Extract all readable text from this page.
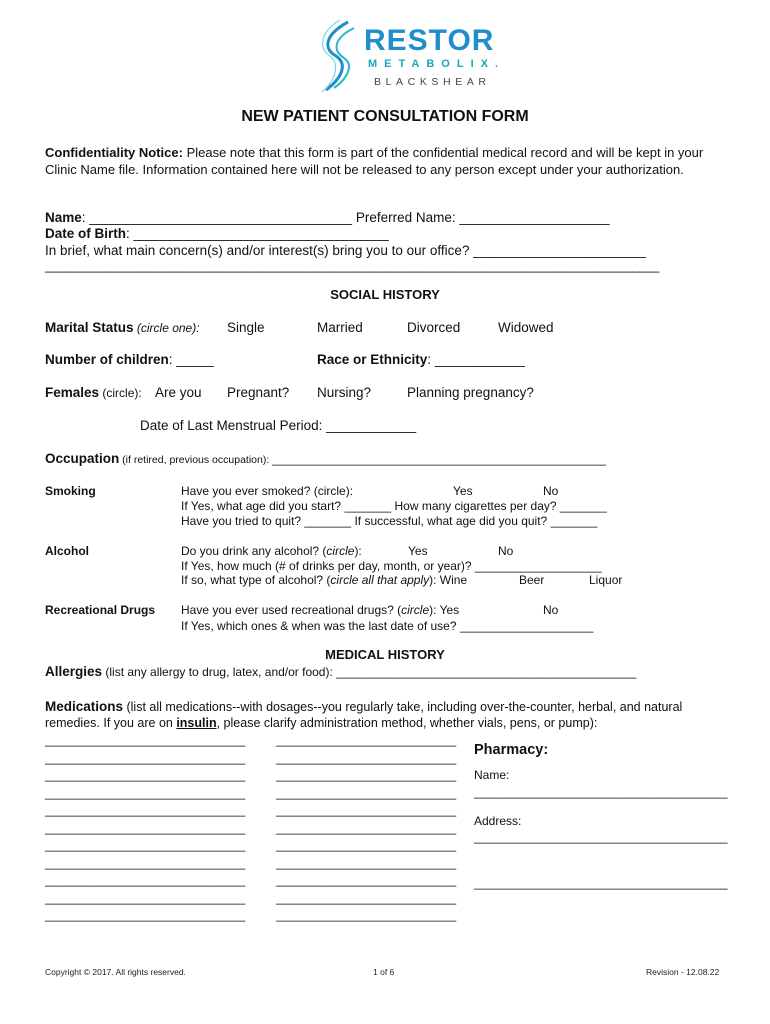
RESTOR
METABOLIX.
BLACKSHEAR
NEW PATIENT CONSULTATION FORM
Confidentiality Notice: Please note that this form is part of the confidential medical record and will be kept in your Clinic Name file. Information contained here will not be released to any person except under your authorization.
Name: ___________________________________ Preferred Name: ____________________
Date of Birth: __________________________________
In brief, what main concern(s) and/or interest(s) bring you to our office? _______________________
_____________________________________________________________________________________________
SOCIAL HISTORY
Marital Status (circle one): Single	Married	Divorced	Widowed
Number of children: _____	Race or Ethnicity: ____________
Females (circle): Are you Pregnant? Nursing?	Planning pregnancy?
Date of Last Menstrual Period: ____________
Occupation (if retired, previous occupation): __________________________________________________
Smoking	Have you ever smoked? (circle):	Yes	No
If Yes, what age did you start? _______ How many cigarettes per day? _______
Have you tried to quit? _______ If successful, what age did you quit? _______
Alcohol	Do you drink any alcohol? (circle):	Yes	No
If Yes, how much (# of drinks per day, month, or year)? ___________________
If so, what type of alcohol? (circle all that apply): Wine	Beer	Liquor
Recreational Drugs Have you ever used recreational drugs? (circle): Yes	No
If Yes, which ones & when was the last date of use? ____________________
MEDICAL HISTORY
Allergies (list any allergy to drug, latex, and/or food): _____________________________________________
Medications (list all medications--with dosages--you regularly take, including over-the-counter, herbal, and natural
remedies. If you are on insulin, please clarify administration method, whether vials, pens, or pump):
______________________________
______________________________
______________________________
______________________________
______________________________
______________________________
______________________________
______________________________
______________________________
______________________________
______________________________
___________________________
___________________________
___________________________
___________________________
___________________________
___________________________
___________________________
___________________________
___________________________
___________________________
___________________________
Pharmacy:
Name:
______________________________________
Address:
______________________________________
______________________________________
Copyright © 2017. All rights reserved.	1 of 6	Revision - 12.08.22
